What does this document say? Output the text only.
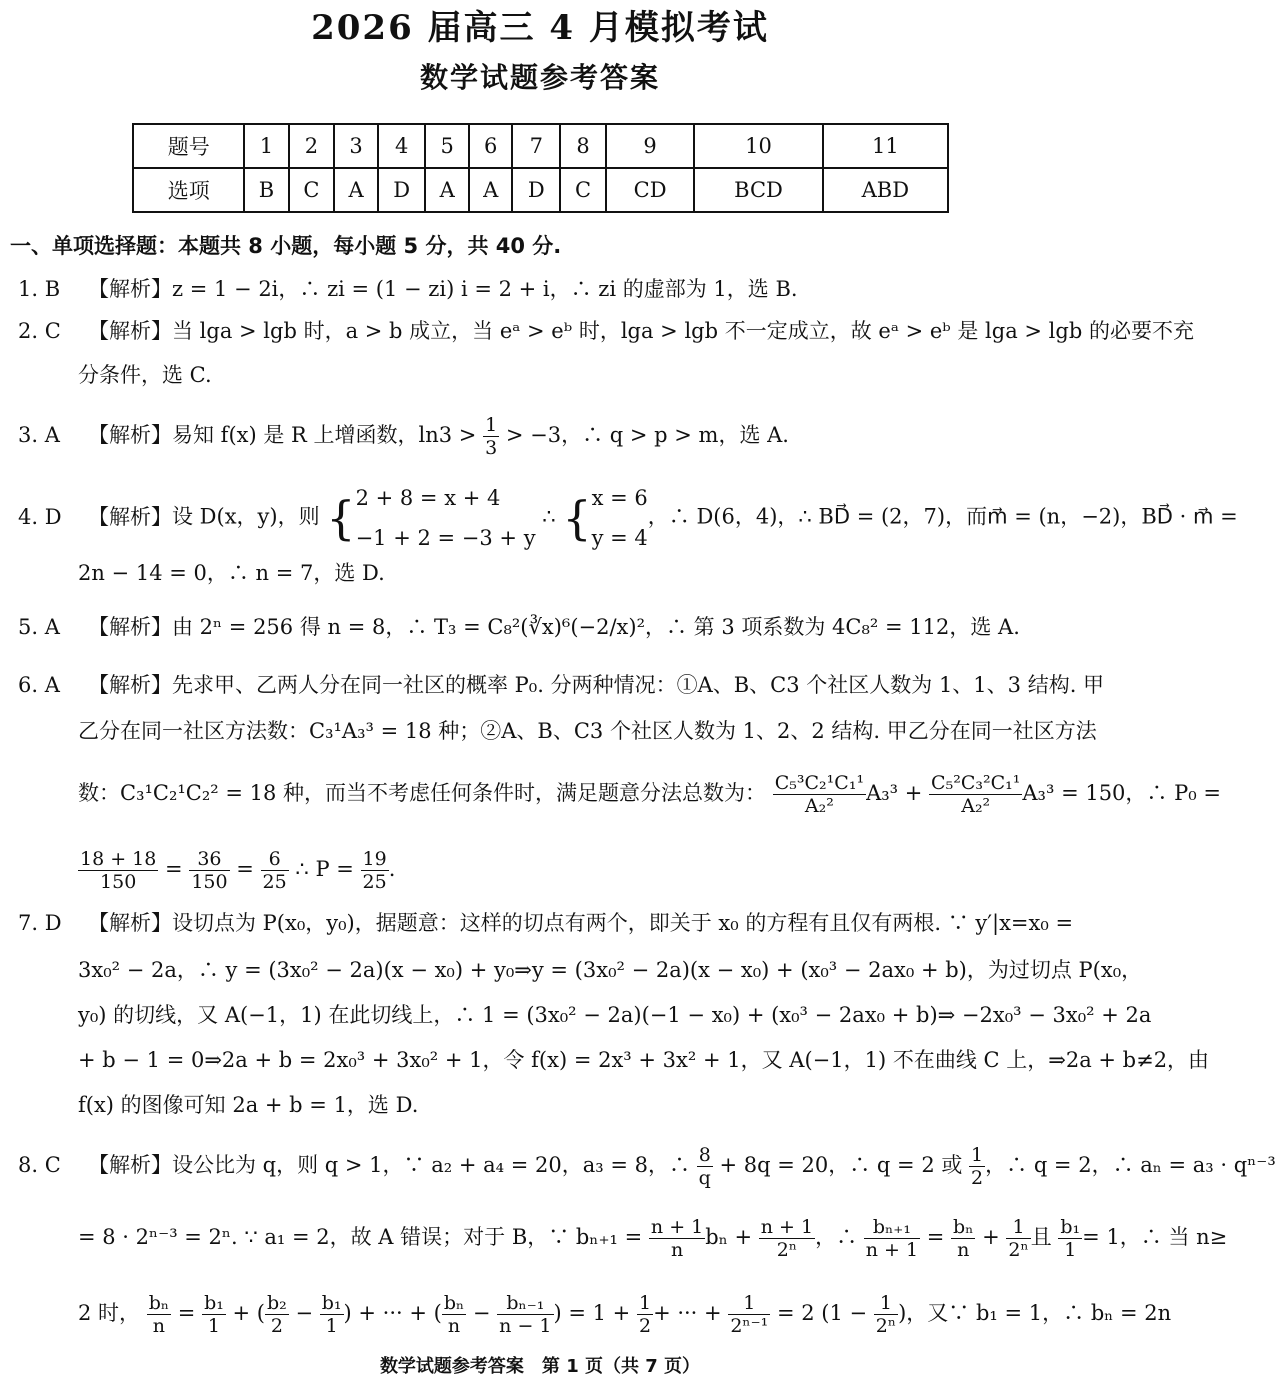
2026 届高三 4 月模拟考试
数学试题参考答案
题号	1	2	3	4	5	6	7	8	9	10	11
选项	B	C	A	D	A	A	D	C	CD	BCD	ABD
一、单项选择题：本题共 8 小题，每小题 5 分，共 40 分.
1. B 【解析】z = 1 − 2i，∴ zi = (1 − zi) i = 2 + i，∴ zi 的虚部为 1，选 B.
2. C 【解析】当 lga > lgb 时，a > b 成立，当 eᵃ > eᵇ 时，lga > lgb 不一定成立，故 eᵃ > eᵇ 是 lga > lgb 的必要不充
分条件，选 C.
3. A 【解析】易知 f(x) 是 R 上增函数，$\ln 3 > \frac{1}{3} > -3$，∴ q > p > m，选 A.
4. D 【解析】设 D(x，y)，则 { 2 + 8 = x + 4
−1 + 2 = −3 + y
∴ { x = 6
y = 4
，∴ D(6，4)，∴ BD⃗ = (2，7)，而m⃗ = (n，−2)，BD⃗ · m⃗ =
2n − 14 = 0，∴ n = 7，选 D.
5. A 【解析】由 2ⁿ = 256 得 n = 8，∴ T₃ = C₈²(∛x)⁶(−2/x)²，∴ 第 3 项系数为 4C₈² = 112，选 A.
6. A 【解析】先求甲、乙两人分在同一社区的概率 P₀. 分两种情况：①A、B、C3 个社区人数为 1、1、3 结构. 甲
乙分在同一社区方法数：C₃¹A₃³ = 18 种；②A、B、C3 个社区人数为 1、2、2 结构. 甲乙分在同一社区方法
数：C₃¹C₂¹C₂² = 18 种，而当不考虑任何条件时，满足题意分法总数为： $\frac{\text{C₅³C₂¹C₁¹}}{\text{A₂²}} A_3^3 + \frac{\text{C₅²C₃²C₁¹}}{\text{A₂²}} A_3^3 = 150$，∴ P₀ =
$\frac{18 + 18}{150} = \frac{36}{150} = \frac{6}{25}$ ∴ $P = \frac{19}{25}$ .
7. D 【解析】设切点为 P(x₀，y₀)，据题意：这样的切点有两个，即关于 x₀ 的方程有且仅有两根. ∵ y′|x=x₀ =
3x₀² − 2a，∴ y = (3x₀² − 2a)(x − x₀) + y₀⇒y = (3x₀² − 2a)(x − x₀) + (x₀³ − 2ax₀ + b)，为过切点 P(x₀，
y₀) 的切线，又 A(−1，1) 在此切线上，∴ 1 = (3x₀² − 2a)(−1 − x₀) + (x₀³ − 2ax₀ + b)⇒ −2x₀³ − 3x₀² + 2a
+ b − 1 = 0⇒2a + b = 2x₀³ + 3x₀² + 1，令 f(x) = 2x³ + 3x² + 1，又 A(−1，1) 不在曲线 C 上，⇒2a + b≠2，由
f(x) 的图像可知 2a + b = 1，选 D.
8. C 【解析】设公比为 q，则 q > 1，∵ a₂ + a₄ = 20，a₃ = 8，∴ $\frac{8}{q} + 8q = 20$，∴ q = 2 或 $\frac{1}{2}$ ，∴ q = 2，∴ aₙ = a₃ · qⁿ⁻³
= 8 · 2ⁿ⁻³ = 2ⁿ. ∵ a₁ = 2，故 A 错误；对于 B，∵ $b_{n+1} = \frac{n + 1}{n}$ $b_n + \frac{n + 1}{\text{2ⁿ}}$ ，∴ $\frac{\text{bₙ₊₁}}{n + 1} = \frac{\text{bₙ}}{n} + \frac{1}{\text{2ⁿ}}$ 且 $\frac{\text{b₁}}{1} = 1$，∴ 当 n≥
2 时， $\frac{\text{bₙ}}{n} = \frac{\text{b₁}}{1}$ + ( $\frac{\text{b₂}}{2} - \frac{\text{b₁}}{1}$ ) + ··· + ( $\frac{\text{bₙ}}{n} - \frac{\text{bₙ₋₁}}{n - 1}$ ) = $1 + \frac{1}{2}$ + ··· + $\frac{1}{\text{2ⁿ⁻¹}} = 2$ ($1 - \frac{1}{\text{2ⁿ}}$ )，又∵ b₁ = 1，∴ bₙ = 2n
数学试题参考答案　第 1 页（共 7 页）
